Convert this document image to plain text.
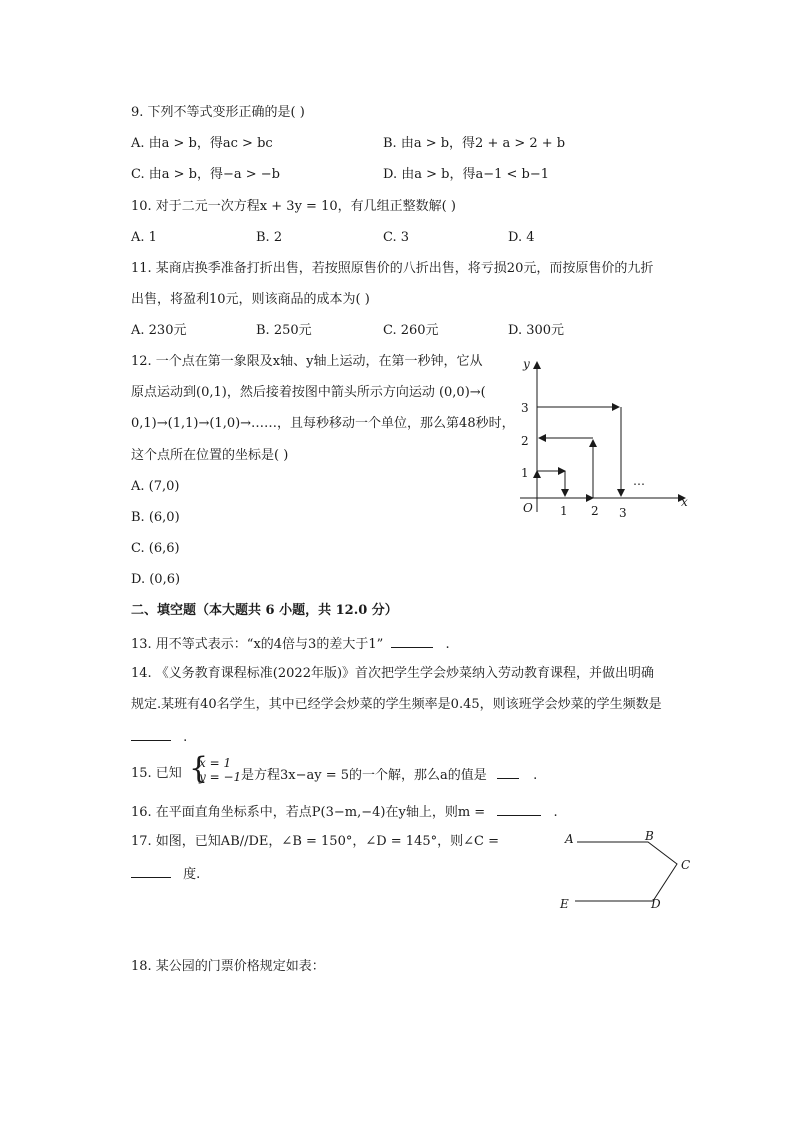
9. 下列不等式变形正确的是( )
A. 由a > b，得ac > bc	B. 由a > b，得2 + a > 2 + b
C. 由a > b，得−a > −b	D. 由a > b，得a−1 < b−1
10. 对于二元一次方程x + 3y = 10，有几组正整数解( )
A. 1	B. 2	C. 3	D. 4
11. 某商店换季准备打折出售，若按照原售价的八折出售，将亏损20元，而按原售价的九折
出售，将盈利10元，则该商品的成本为( )
A. 230元	B. 250元	C. 260元	D. 300元
12. 一个点在第一象限及x轴、y轴上运动，在第一秒钟，它从
原点运动到(0,1)，然后接着按图中箭头所示方向运动 (0,0)→(
0,1)→(1,1)→(1,0)→……，且每秒移动一个单位，那么第48秒时，
这个点所在位置的坐标是( )
A. (7,0)
B. (6,0)
C. (6,6)
D. (0,6)
y
x
O 1 2 3
1
2
3
…
二、填空题（本大题共 6 小题，共 12.0 分）
13. 用不等式表示：“x的4倍与3的差大于1”	.
14. 《义务教育课程标准(2022年版)》首次把学生学会炒菜纳入劳动教育课程，并做出明确
规定.某班有40名学生，其中已经学会炒菜的学生频率是0.45，则该班学会炒菜的学生频数是
.
15. 已知 {
x = 1
y = −1 是方程3x−ay = 5的一个解，那么a的值是	.
16. 在平面直角坐标系中，若点P(3−m,−4)在y轴上，则m =	.
17. 如图，已知AB//DE，∠B = 150°，∠D = 145°，则∠C =
度.
A	B
C
D
E
18. 某公园的门票价格规定如表：
